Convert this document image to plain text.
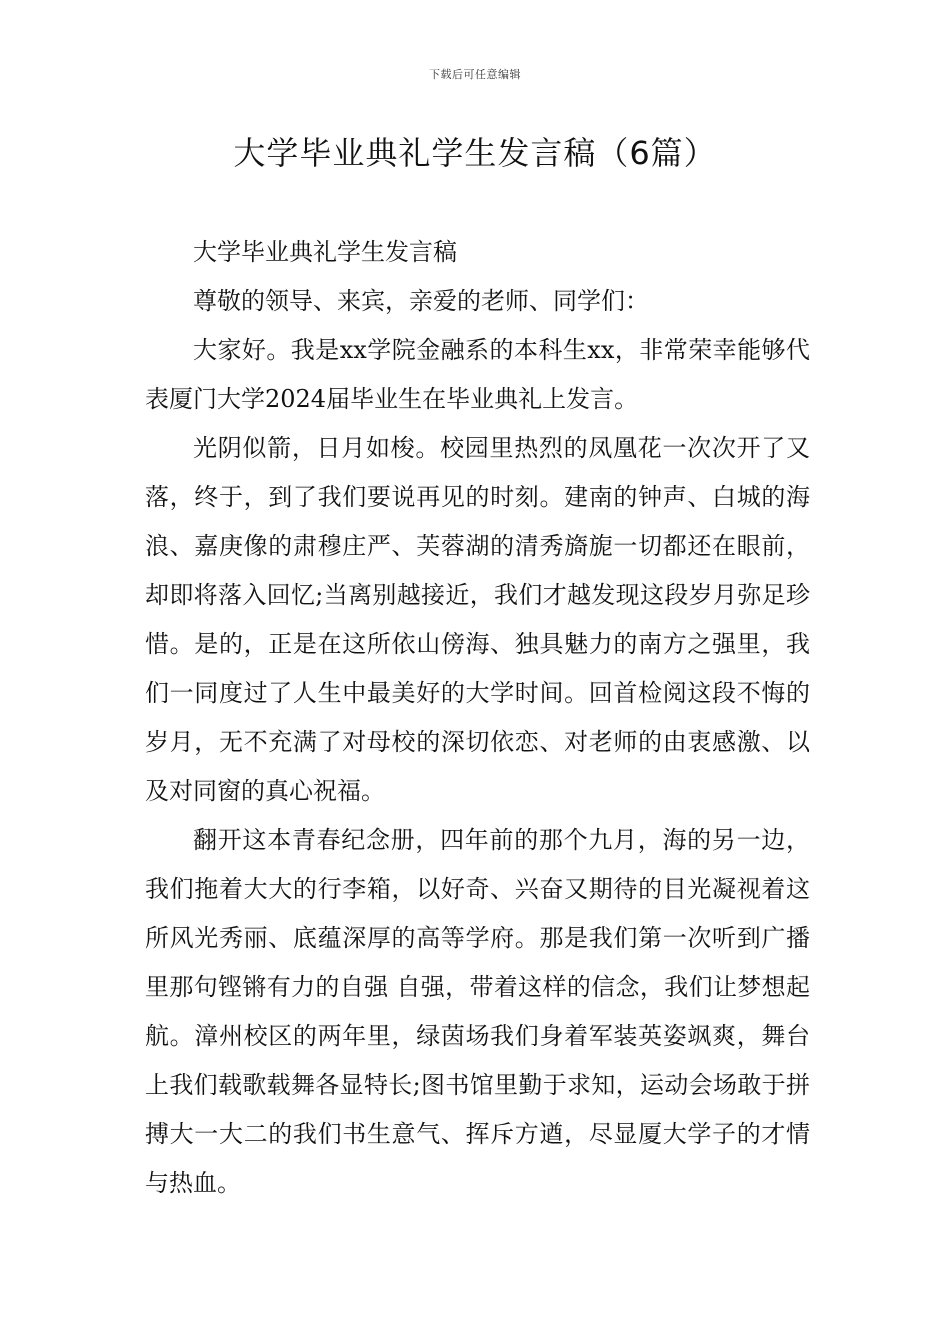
下载后可任意编辑
大学毕业典礼学生发言稿（6篇）

大学毕业典礼学生发言稿

尊敬的领导、来宾，亲爱的老师、同学们：

大家好。我是xx学院金融系的本科生xx，非常荣幸能够代表厦门大学2024届毕业生在毕业典礼上发言。

光阴似箭，日月如梭。校园里热烈的凤凰花一次次开了又落，终于，到了我们要说再见的时刻。建南的钟声、白城的海浪、嘉庚像的肃穆庄严、芙蓉湖的清秀旖旎一切都还在眼前，却即将落入回忆;当离别越接近，我们才越发现这段岁月弥足珍惜。是的，正是在这所依山傍海、独具魅力的南方之强里，我们一同度过了人生中最美好的大学时间。回首检阅这段不悔的岁月，无不充满了对母校的深切依恋、对老师的由衷感激、以及对同窗的真心祝福。

翻开这本青春纪念册，四年前的那个九月，海的另一边，我们拖着大大的行李箱，以好奇、兴奋又期待的目光凝视着这所风光秀丽、底蕴深厚的高等学府。那是我们第一次听到广播里那句铿锵有力的自强 自强，带着这样的信念，我们让梦想起航。漳州校区的两年里，绿茵场我们身着军装英姿飒爽，舞台上我们载歌载舞各显特长;图书馆里勤于求知，运动会场敢于拼搏大一大二的我们书生意气、挥斥方遒，尽显厦大学子的才情与热血。
